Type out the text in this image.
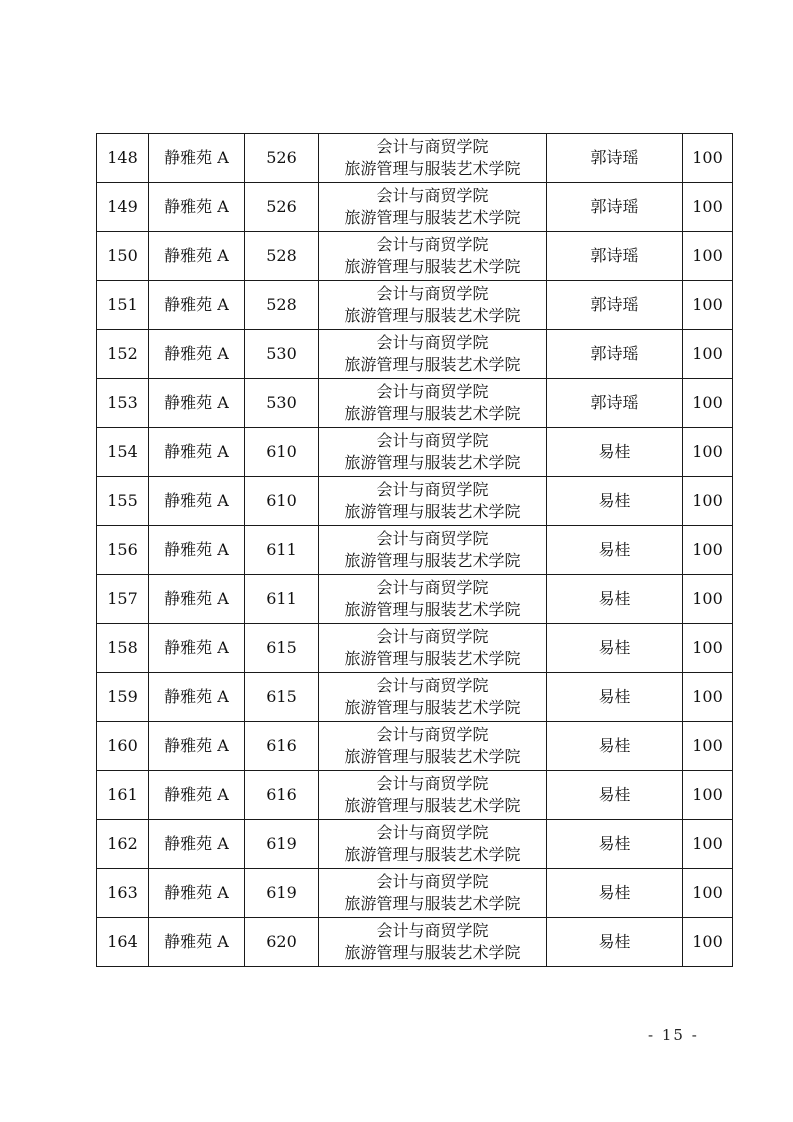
148	静雅苑 A	526	会计与商贸学院
旅游管理与服装艺术学院	郭诗瑶	100
149	静雅苑 A	526	会计与商贸学院
旅游管理与服装艺术学院	郭诗瑶	100
150	静雅苑 A	528	会计与商贸学院
旅游管理与服装艺术学院	郭诗瑶	100
151	静雅苑 A	528	会计与商贸学院
旅游管理与服装艺术学院	郭诗瑶	100
152	静雅苑 A	530	会计与商贸学院
旅游管理与服装艺术学院	郭诗瑶	100
153	静雅苑 A	530	会计与商贸学院
旅游管理与服装艺术学院	郭诗瑶	100
154	静雅苑 A	610	会计与商贸学院
旅游管理与服装艺术学院	易桂	100
155	静雅苑 A	610	会计与商贸学院
旅游管理与服装艺术学院	易桂	100
156	静雅苑 A	611	会计与商贸学院
旅游管理与服装艺术学院	易桂	100
157	静雅苑 A	611	会计与商贸学院
旅游管理与服装艺术学院	易桂	100
158	静雅苑 A	615	会计与商贸学院
旅游管理与服装艺术学院	易桂	100
159	静雅苑 A	615	会计与商贸学院
旅游管理与服装艺术学院	易桂	100
160	静雅苑 A	616	会计与商贸学院
旅游管理与服装艺术学院	易桂	100
161	静雅苑 A	616	会计与商贸学院
旅游管理与服装艺术学院	易桂	100
162	静雅苑 A	619	会计与商贸学院
旅游管理与服装艺术学院	易桂	100
163	静雅苑 A	619	会计与商贸学院
旅游管理与服装艺术学院	易桂	100
164	静雅苑 A	620	会计与商贸学院
旅游管理与服装艺术学院	易桂	100
- 15 -
